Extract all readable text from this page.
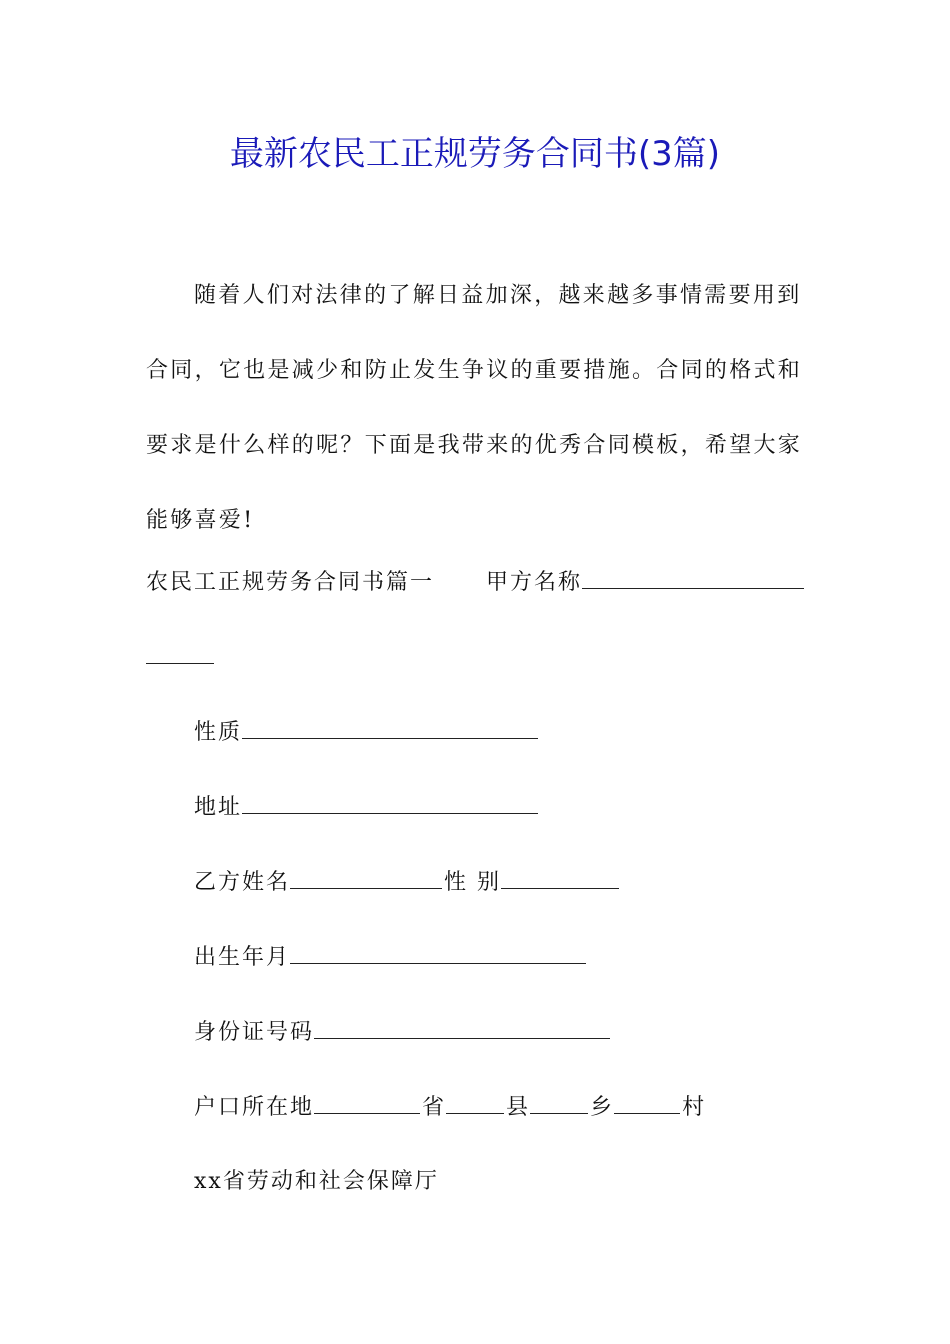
最新农民工正规劳务合同书(3篇)
随着人们对法律的了解日益加深，越来越多事情需要用到合同，它也是减少和防止发生争议的重要措施。合同的格式和要求是什么样的呢？下面是我带来的优秀合同模板，希望大家能够喜爱!
农民工正规劳务合同书篇一 甲方名称
性质
地址
乙方姓名	性 别
出生年月
身份证号码
户口所在地	省	县	乡	村
xx省劳动和社会保障厅
